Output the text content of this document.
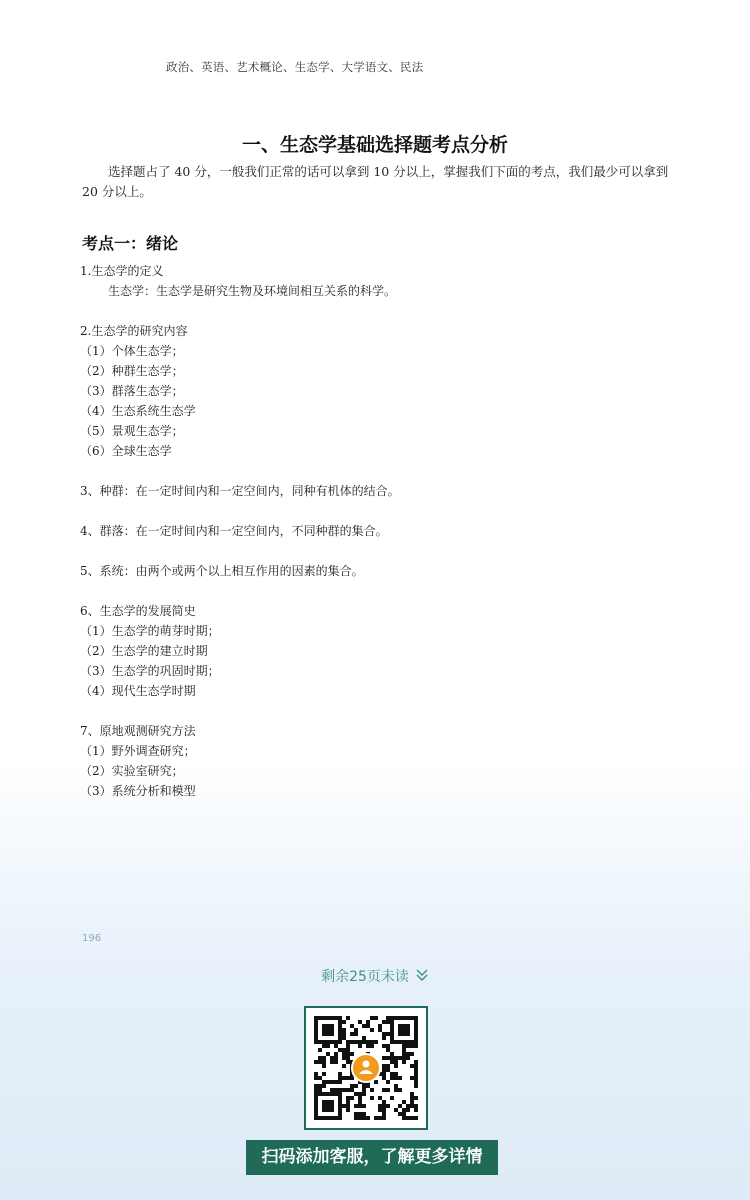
政治、英语、艺术概论、生态学、大学语文、民法
一、生态学基础选择题考点分析
选择题占了 40 分，一般我们正常的话可以拿到 10 分以上，掌握我们下面的考点，我们最少可以拿到 20 分以上。
考点一：绪论
1.生态学的定义
生态学：生态学是研究生物及环境间相互关系的科学。
2.生态学的研究内容
（1）个体生态学；
（2）种群生态学；
（3）群落生态学；
（4）生态系统生态学
（5）景观生态学；
（6）全球生态学
3、种群：在一定时间内和一定空间内，同种有机体的结合。
4、群落：在一定时间内和一定空间内，不同种群的集合。
5、系统：由两个或两个以上相互作用的因素的集合。
6、生态学的发展简史
（1）生态学的萌芽时期；
（2）生态学的建立时期
（3）生态学的巩固时期；
（4）现代生态学时期
7、原地观测研究方法
（1）野外调查研究；
（2）实验室研究；
（3）系统分析和模型
196
剩余25页未读
扫码添加客服，了解更多详情
